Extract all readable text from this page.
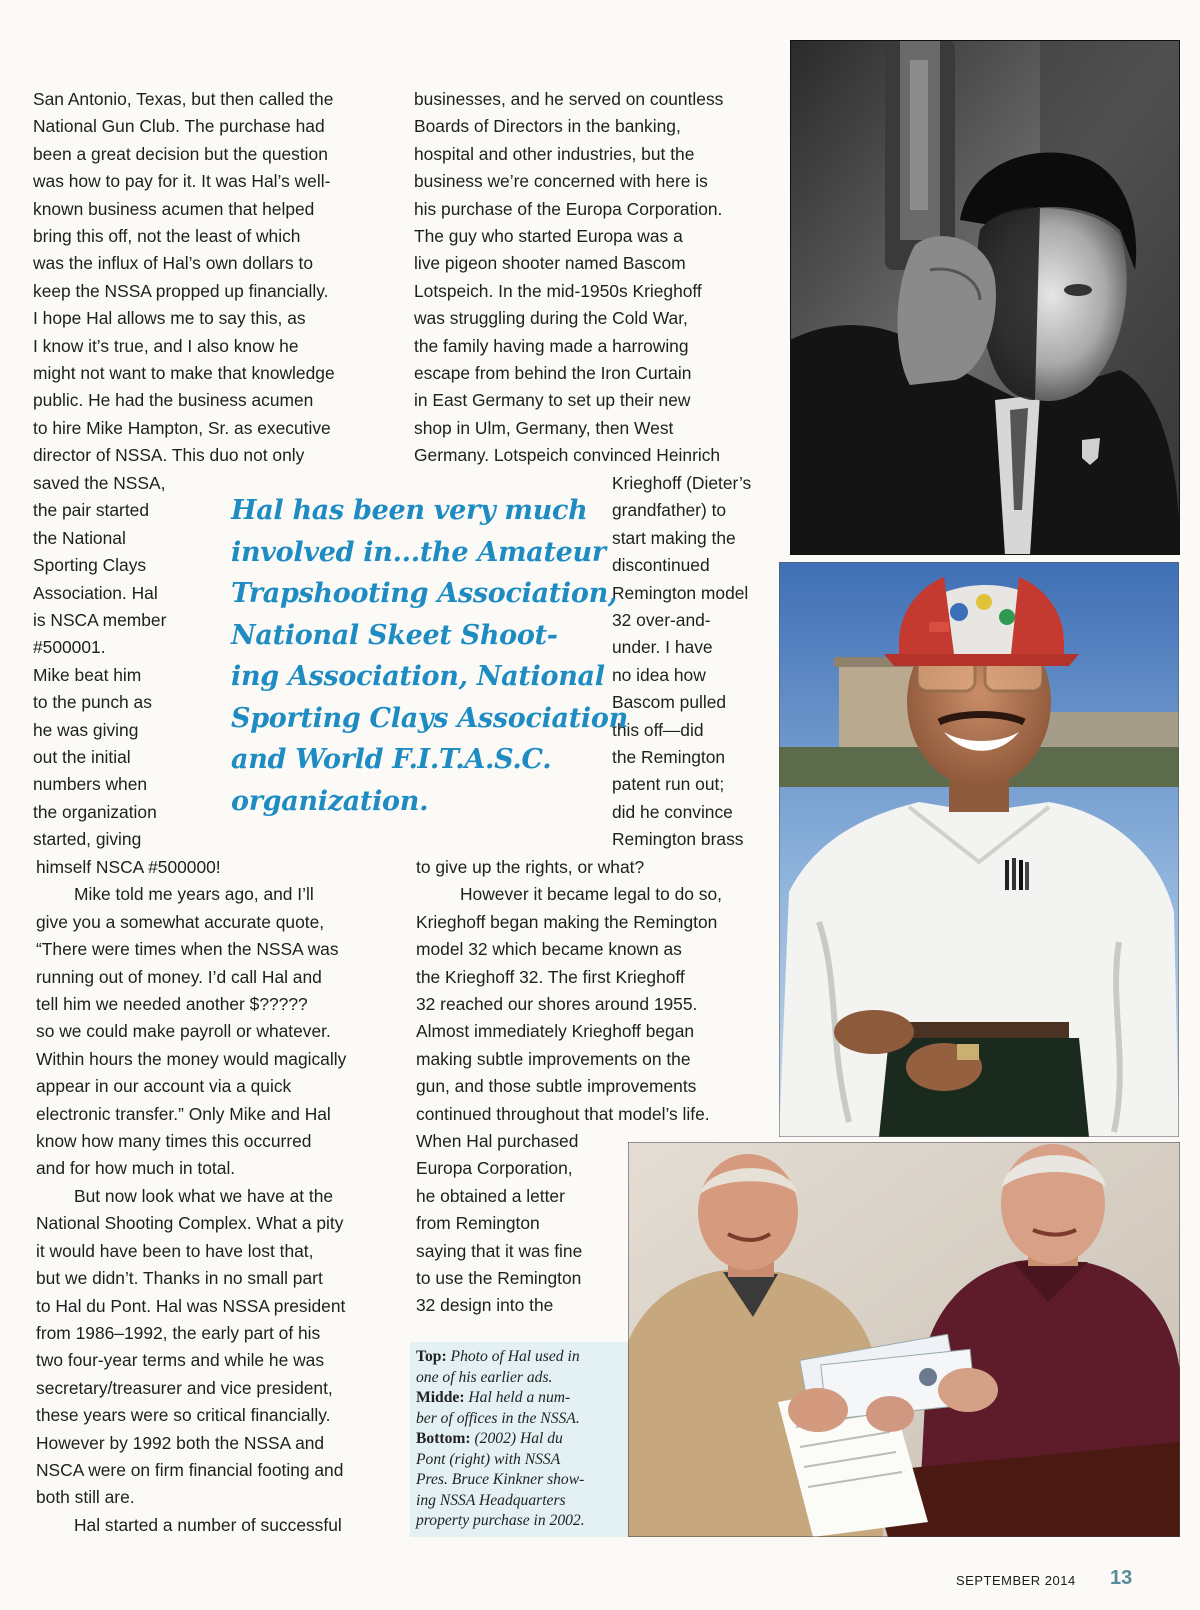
San Antonio, Texas, but then called the

National Gun Club. The purchase had

been a great decision but the question

was how to pay for it. It was Hal’s well-

known business acumen that helped

bring this off, not the least of which

was the influx of Hal’s own dollars to

keep the NSSA propped up financially.

I hope Hal allows me to say this, as

I know it’s true, and I also know he

might not want to make that knowledge

public. He had the business acumen

to hire Mike Hampton, Sr. as executive

director of NSSA. This duo not only

saved the NSSA,

the pair started

the National

Sporting Clays

Association. Hal

is NSCA member

#500001.

Mike beat him

to the punch as

he was giving

out the initial

numbers when

the organization

started, giving

himself NSCA #500000!

Mike told me years ago, and I’ll

give you a somewhat accurate quote,

“There were times when the NSSA was

running out of money. I’d call Hal and

tell him we needed another $?????

so we could make payroll or whatever.

Within hours the money would magically

appear in our account via a quick

electronic transfer.” Only Mike and Hal

know how many times this occurred

and for how much in total.

But now look what we have at the

National Shooting Complex. What a pity

it would have been to have lost that,

but we didn’t. Thanks in no small part

to Hal du Pont. Hal was NSSA president

from 1986–1992, the early part of his

two four-year terms and while he was

secretary/treasurer and vice president,

these years were so critical financially.

However by 1992 both the NSSA and

NSCA were on firm financial footing and

both still are.

Hal started a number of successful

businesses, and he served on countless

Boards of Directors in the banking,

hospital and other industries, but the

business we’re concerned with here is

his purchase of the Europa Corporation.

The guy who started Europa was a

live pigeon shooter named Bascom

Lotspeich. In the mid-1950s Krieghoff

was struggling during the Cold War,

the family having made a harrowing

escape from behind the Iron Curtain

in East Germany to set up their new

shop in Ulm, Germany, then West

Germany. Lotspeich convinced Heinrich

Krieghoff (Dieter’s

grandfather) to

start making the

discontinued

Remington model

32 over-and-

under. I have

no idea how

Bascom pulled

this off—did

the Remington

patent run out;

did he convince

Remington brass

to give up the rights, or what?

However it became legal to do so,

Krieghoff began making the Remington

model 32 which became known as

the Krieghoff 32. The first Krieghoff

32 reached our shores around 1955.

Almost immediately Krieghoff began

making subtle improvements on the

gun, and those subtle improvements

continued throughout that model’s life.

When Hal purchased

Europa Corporation,

he obtained a letter

from Remington

saying that it was fine

to use the Remington

32 design into the

Hal has been very much
involved in...the Amateur
Trapshooting Association,
National Skeet Shoot-
ing Association, National
Sporting Clays Association
and World F.I.T.A.S.C.
organization.
Top: Photo of Hal used in
one of his earlier ads.
Midde: Hal held a num-
ber of offices in the NSSA.
Bottom: (2002) Hal du
Pont (right) with NSSA
Pres. Bruce Kinkner show-
ing NSSA Headquarters
property purchase in 2002.
SEPTEMBER 2014 13
